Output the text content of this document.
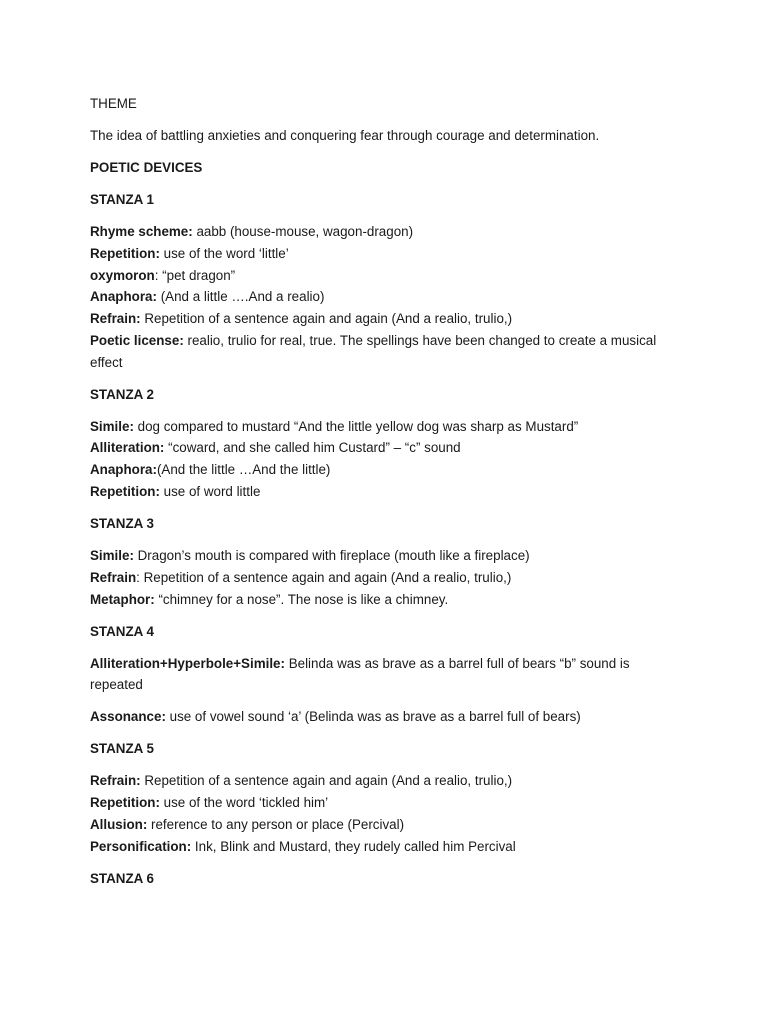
THEME

The idea of battling anxieties and conquering fear through courage and determination.

POETIC DEVICES

STANZA 1

Rhyme scheme: aabb (house-mouse, wagon-dragon)

Repetition: use of the word ‘little’

oxymoron: “pet dragon”

Anaphora: (And a little ….And a realio)

Refrain: Repetition of a sentence again and again (And a realio, trulio,)

Poetic license: realio, trulio for real, true. The spellings have been changed to create a musical effect

STANZA 2

Simile: dog compared to mustard “And the little yellow dog was sharp as Mustard”

Alliteration: “coward, and she called him Custard” – “c” sound

Anaphora:(And the little …And the little)

Repetition: use of word little

STANZA 3

Simile: Dragon’s mouth is compared with fireplace (mouth like a fireplace)

Refrain: Repetition of a sentence again and again (And a realio, trulio,)

Metaphor: “chimney for a nose”. The nose is like a chimney.

STANZA 4

Alliteration+Hyperbole+Simile: Belinda was as brave as a barrel full of bears “b” sound is repeated

Assonance: use of vowel sound ‘a’ (Belinda was as brave as a barrel full of bears)

STANZA 5

Refrain: Repetition of a sentence again and again (And a realio, trulio,)

Repetition: use of the word ‘tickled him’

Allusion: reference to any person or place (Percival)

Personification: Ink, Blink and Mustard, they rudely called him Percival

STANZA 6
